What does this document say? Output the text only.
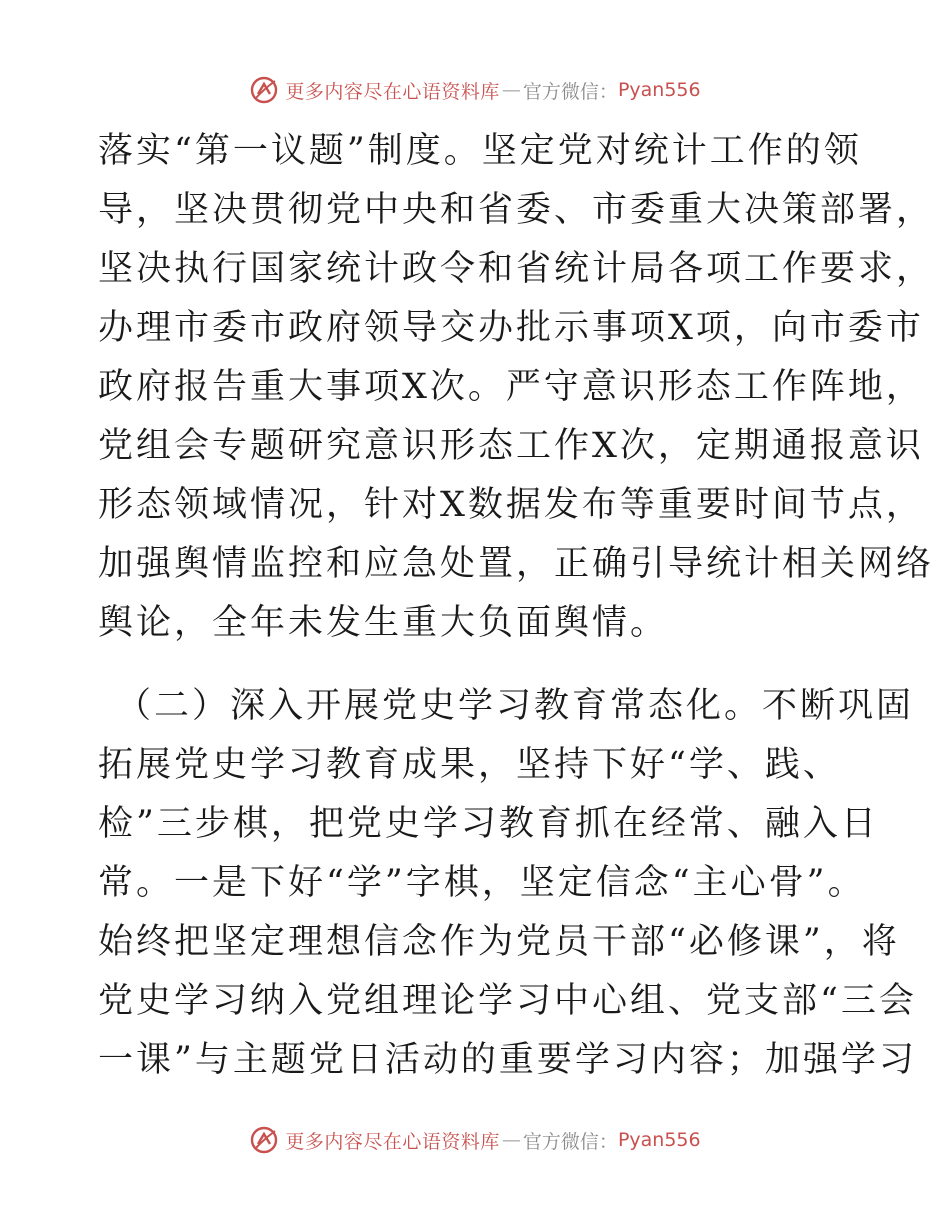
更多内容尽在心语资料库 — 官方微信： Pyan556
落实“第一议题”制度。坚定党对统计工作的领
导，坚决贯彻党中央和省委、市委重大决策部署，
坚决执行国家统计政令和省统计局各项工作要求，
办理市委市政府领导交办批示事项X项，向市委市
政府报告重大事项X次。严守意识形态工作阵地，
党组会专题研究意识形态工作X次，定期通报意识
形态领域情况，针对X数据发布等重要时间节点，
加强舆情监控和应急处置，正确引导统计相关网络
舆论，全年未发生重大负面舆情。
（二）深入开展党史学习教育常态化。不断巩固
拓展党史学习教育成果，坚持下好“学、践、
检”三步棋，把党史学习教育抓在经常、融入日
常。一是下好“学”字棋，坚定信念“主心骨”。
始终把坚定理想信念作为党员干部“必修课”，将
党史学习纳入党组理论学习中心组、党支部“三会
一课”与主题党日活动的重要学习内容；加强学习
更多内容尽在心语资料库 — 官方微信： Pyan556
